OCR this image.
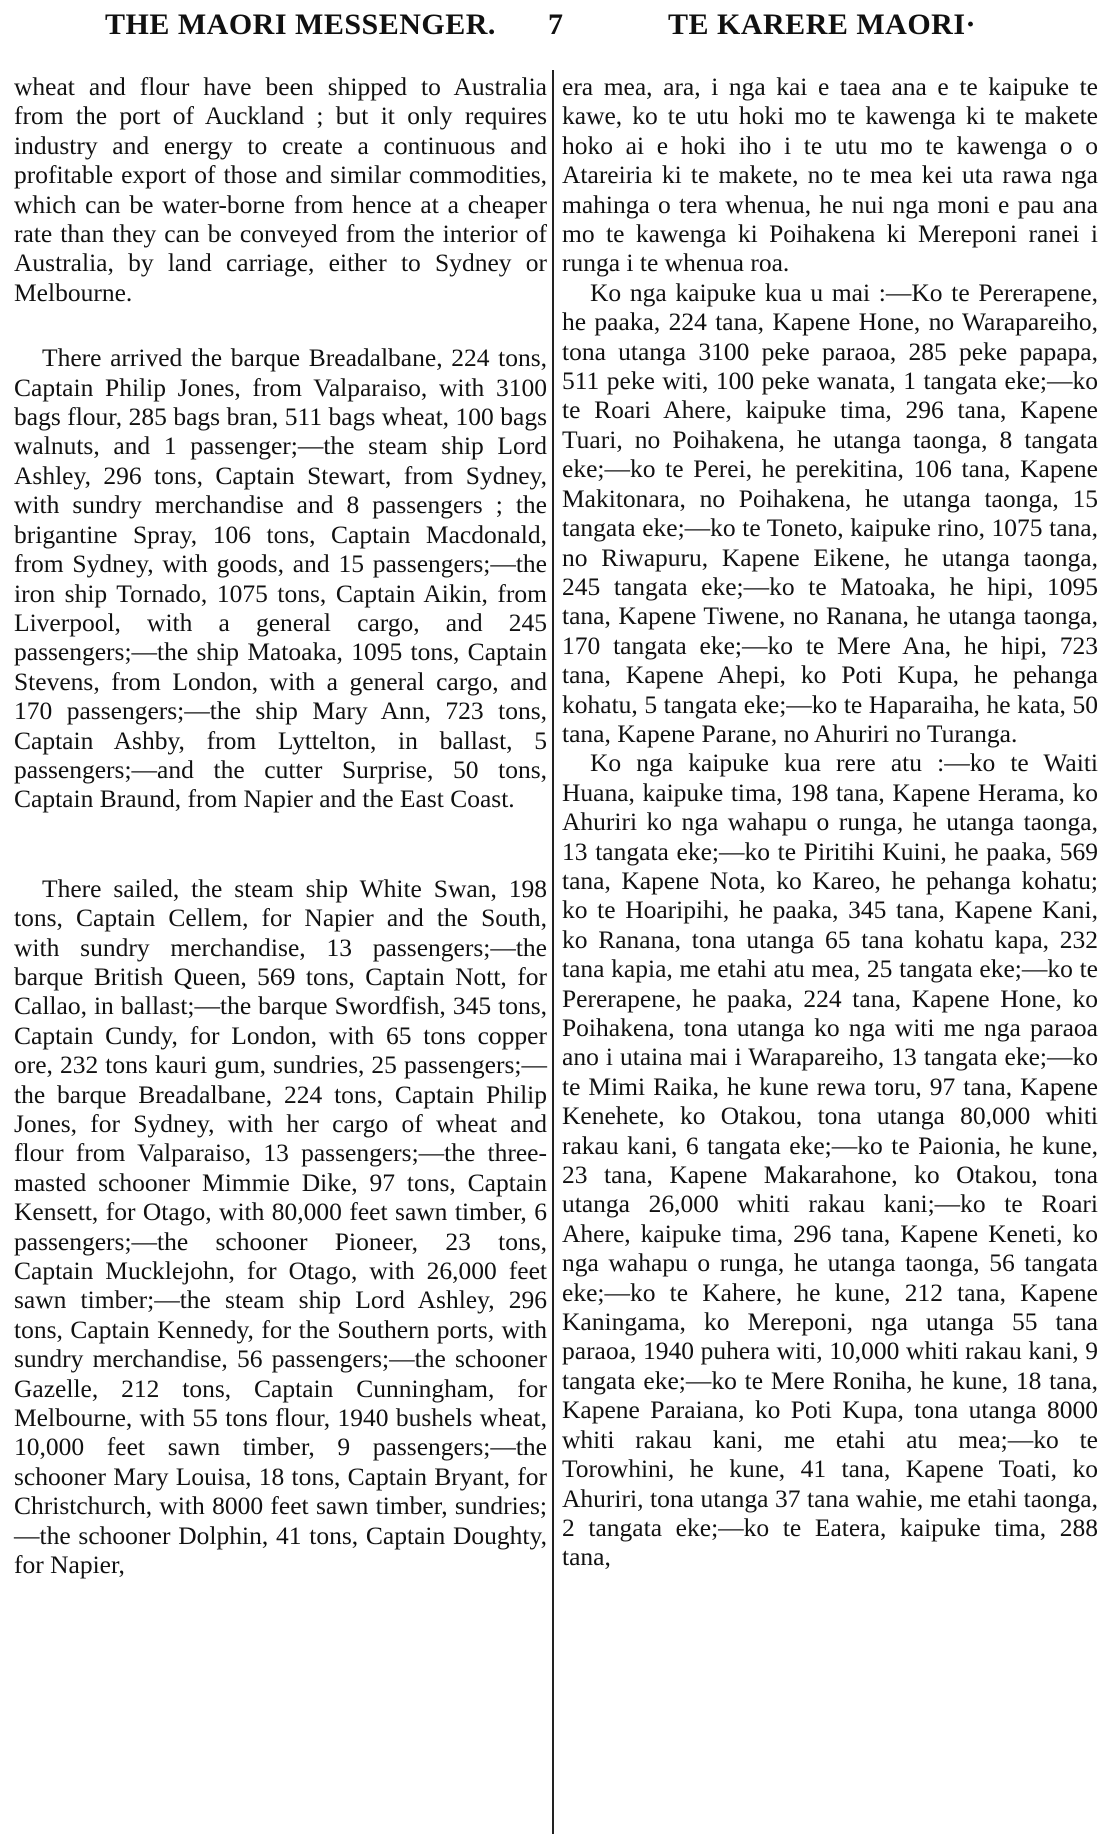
THE MAORI MESSENGER. 7	TE KARERE MAORI·

wheat and flour have been shipped to Australia from the port of Auckland ; but it only requires industry and energy to create a continuous and profitable export of those and similar commodities, which can be water-borne from hence at a cheaper rate than they can be conveyed from the interior of Australia, by land carriage, either to Sydney or Melbourne.

There arrived the barque Breadalbane, 224 tons, Captain Philip Jones, from Valparaiso, with 3100 bags flour, 285 bags bran, 511 bags wheat, 100 bags walnuts, and 1 passenger;—the steam ship Lord Ashley, 296 tons, Captain Stewart, from Sydney, with sundry merchandise and 8 passengers ; the brigantine Spray, 106 tons, Captain Macdonald, from Sydney, with goods, and 15 passengers;—the iron ship Tornado, 1075 tons, Captain Aikin, from Liverpool, with a general cargo, and 245 passengers;—the ship Matoaka, 1095 tons, Captain Stevens, from London, with a general cargo, and 170 passengers;—the ship Mary Ann, 723 tons, Captain Ashby, from Lyttelton, in ballast, 5 passengers;—and the cutter Surprise, 50 tons, Captain Braund, from Napier and the East Coast.

There sailed, the steam ship White Swan, 198 tons, Captain Cellem, for Napier and the South, with sundry merchandise, 13 passengers;—the barque British Queen, 569 tons, Captain Nott, for Callao, in ballast;—the barque Swordfish, 345 tons, Captain Cundy, for London, with 65 tons copper ore, 232 tons kauri gum, sundries, 25 passengers;—the barque Breadalbane, 224 tons, Captain Philip Jones, for Sydney, with her cargo of wheat and flour from Valparaiso, 13 passengers;—the three-masted schooner Mimmie Dike, 97 tons, Captain Kensett, for Otago, with 80,000 feet sawn timber, 6 passengers;—the schooner Pioneer, 23 tons, Captain Mucklejohn, for Otago, with 26,000 feet sawn timber;—the steam ship Lord Ashley, 296 tons, Captain Kennedy, for the Southern ports, with sundry merchandise, 56 passengers;—the schooner Gazelle, 212 tons, Captain Cunningham, for Melbourne, with 55 tons flour, 1940 bushels wheat, 10,000 feet sawn timber, 9 passengers;—the schooner Mary Louisa, 18 tons, Captain Bryant, for Christchurch, with 8000 feet sawn timber, sundries;—the schooner Dolphin, 41 tons, Captain Doughty, for Napier,

era mea, ara, i nga kai e taea ana e te kaipuke te kawe, ko te utu hoki mo te kawenga ki te makete hoko ai e hoki iho i te utu mo te kawenga o o Atareiria ki te makete, no te mea kei uta rawa nga mahinga o tera whenua, he nui nga moni e pau ana mo te kawenga ki Poihakena ki Mereponi ranei i runga i te whenua roa.

Ko nga kaipuke kua u mai :—Ko te Pererapene, he paaka, 224 tana, Kapene Hone, no Warapareiho, tona utanga 3100 peke paraoa, 285 peke papapa, 511 peke witi, 100 peke wanata, 1 tangata eke;—ko te Roari Ahere, kaipuke tima, 296 tana, Kapene Tuari, no Poihakena, he utanga taonga, 8 tangata eke;—ko te Perei, he perekitina, 106 tana, Kapene Makitonara, no Poihakena, he utanga taonga, 15 tangata eke;—ko te Toneto, kaipuke rino, 1075 tana, no Riwapuru, Kapene Eikene, he utanga taonga, 245 tangata eke;—ko te Matoaka, he hipi, 1095 tana, Kapene Tiwene, no Ranana, he utanga taonga, 170 tangata eke;—ko te Mere Ana, he hipi, 723 tana, Kapene Ahepi, ko Poti Kupa, he pehanga kohatu, 5 tangata eke;—ko te Haparaiha, he kata, 50 tana, Kapene Parane, no Ahuriri no Turanga.

Ko nga kaipuke kua rere atu :—ko te Waiti Huana, kaipuke tima, 198 tana, Kapene Herama, ko Ahuriri ko nga wahapu o runga, he utanga taonga, 13 tangata eke;—ko te Piritihi Kuini, he paaka, 569 tana, Kapene Nota, ko Kareo, he pehanga kohatu; ko te Hoaripihi, he paaka, 345 tana, Kapene Kani, ko Ranana, tona utanga 65 tana kohatu kapa, 232 tana kapia, me etahi atu mea, 25 tangata eke;—ko te Pererapene, he paaka, 224 tana, Kapene Hone, ko Poihakena, tona utanga ko nga witi me nga paraoa ano i utaina mai i Warapareiho, 13 tangata eke;—ko te Mimi Raika, he kune rewa toru, 97 tana, Kapene Kenehete, ko Otakou, tona utanga 80,000 whiti rakau kani, 6 tangata eke;—ko te Paionia, he kune, 23 tana, Kapene Makarahone, ko Otakou, tona utanga 26,000 whiti rakau kani;—ko te Roari Ahere, kaipuke tima, 296 tana, Kapene Keneti, ko nga wahapu o runga, he utanga taonga, 56 tangata eke;—ko te Kahere, he kune, 212 tana, Kapene Kaningama, ko Mereponi, nga utanga 55 tana paraoa, 1940 puhera witi, 10,000 whiti rakau kani, 9 tangata eke;—ko te Mere Roniha, he kune, 18 tana, Kapene Paraiana, ko Poti Kupa, tona utanga 8000 whiti rakau kani, me etahi atu mea;—ko te Torowhini, he kune, 41 tana, Kapene Toati, ko Ahuriri, tona utanga 37 tana wahie, me etahi taonga, 2 tangata eke;—ko te Eatera, kaipuke tima, 288 tana,
